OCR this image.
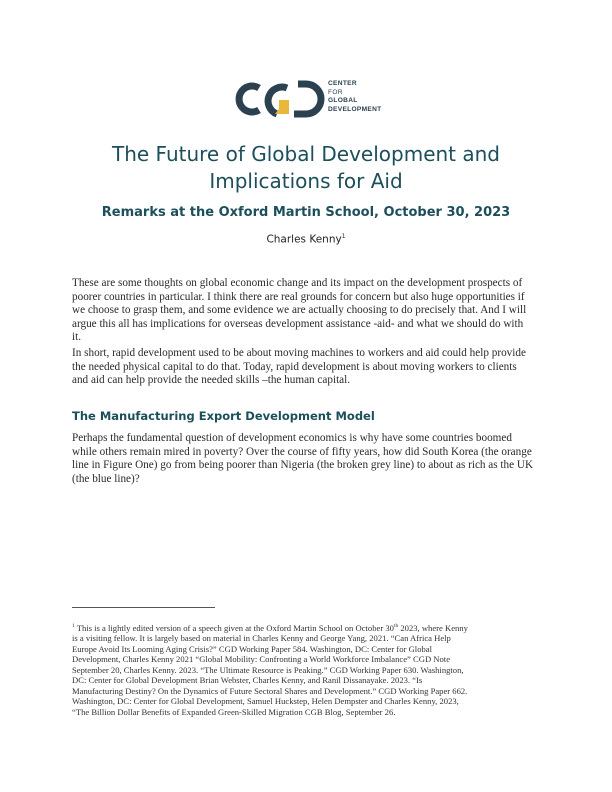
CENTER
FOR
GLOBAL
DEVELOPMENT
The Future of Global Development and
Implications for Aid
Remarks at the Oxford Martin School, October 30, 2023
Charles Kenny$^1$
These are some thoughts on global economic change and its impact on the development prospects of
poorer countries in particular. I think there are real grounds for concern but also huge opportunities if
we choose to grasp them, and some evidence we are actually choosing to do precisely that. And I will
argue this all has implications for overseas development assistance -aid- and what we should do with
it.
In short, rapid development used to be about moving machines to workers and aid could help provide
the needed physical capital to do that. Today, rapid development is about moving workers to clients
and aid can help provide the needed skills –the human capital.
The Manufacturing Export Development Model
Perhaps the fundamental question of development economics is why have some countries boomed
while others remain mired in poverty? Over the course of fifty years, how did South Korea (the orange
line in Figure One) go from being poorer than Nigeria (the broken grey line) to about as rich as the UK
(the blue line)?
$^1$ This is a lightly edited version of a speech given at the Oxford Martin School on October 30th 2023, where Kenny
is a visiting fellow. It is largely based on material in Charles Kenny and George Yang, 2021. “Can Africa Help
Europe Avoid Its Looming Aging Crisis?” CGD Working Paper 584. Washington, DC: Center for Global
Development, Charles Kenny 2021 “Global Mobility: Confronting a World Workforce Imbalance” CGD Note
September 20, Charles Kenny. 2023. “The Ultimate Resource is Peaking.” CGD Working Paper 630. Washington,
DC: Center for Global Development Brian Webster, Charles Kenny, and Ranil Dissanayake. 2023. “Is
Manufacturing Destiny? On the Dynamics of Future Sectoral Shares and Development.” CGD Working Paper 662.
Washington, DC: Center for Global Development, Samuel Huckstep, Helen Dempster and Charles Kenny, 2023,
“The Billion Dollar Benefits of Expanded Green-Skilled Migration CGB Blog, September 26.
